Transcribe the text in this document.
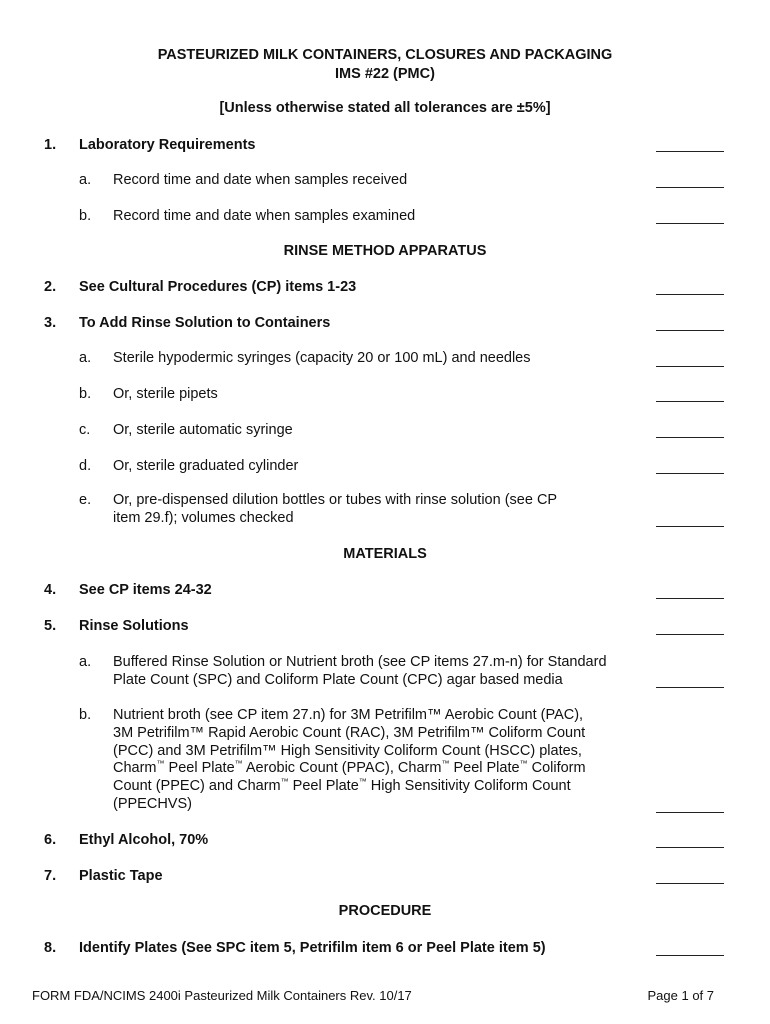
PASTEURIZED MILK CONTAINERS, CLOSURES AND PACKAGING
IMS #22 (PMC)
[Unless otherwise stated all tolerances are ±5%]
1. Laboratory Requirements
a. Record time and date when samples received
b. Record time and date when samples examined
RINSE METHOD APPARATUS
2. See Cultural Procedures (CP) items 1-23
3. To Add Rinse Solution to Containers
a. Sterile hypodermic syringes (capacity 20 or 100 mL) and needles
b. Or, sterile pipets
c. Or, sterile automatic syringe
d. Or, sterile graduated cylinder
e. Or, pre-dispensed dilution bottles or tubes with rinse solution (see CP
item 29.f); volumes checked
MATERIALS
4. See CP items 24-32
5. Rinse Solutions
a. Buffered Rinse Solution or Nutrient broth (see CP items 27.m-n) for Standard
Plate Count (SPC) and Coliform Plate Count (CPC) agar based media
b. Nutrient broth (see CP item 27.n) for 3M Petrifilm™ Aerobic Count (PAC),
3M Petrifilm™ Rapid Aerobic Count (RAC), 3M Petrifilm™ Coliform Count
(PCC) and 3M Petrifilm™ High Sensitivity Coliform Count (HSCC) plates,
Charm™ Peel Plate™ Aerobic Count (PPAC), Charm™ Peel Plate™ Coliform
Count (PPEC) and Charm™ Peel Plate™ High Sensitivity Coliform Count
(PPECHVS)
6. Ethyl Alcohol, 70%
7. Plastic Tape
PROCEDURE
8. Identify Plates (See SPC item 5, Petrifilm item 6 or Peel Plate item 5)
FORM FDA/NCIMS 2400i Pasteurized Milk Containers Rev. 10/17	Page 1 of 7
